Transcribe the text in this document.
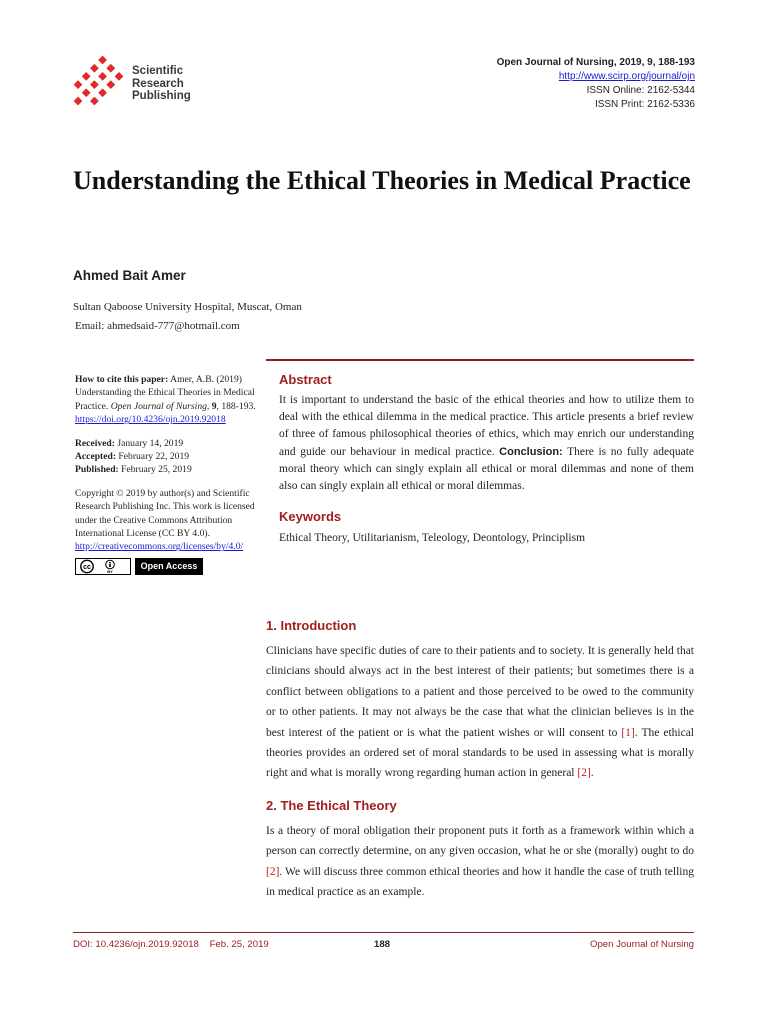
Scientific
Research
Publishing
Open Journal of Nursing, 2019, 9, 188-193
http://www.scirp.org/journal/ojn
ISSN Online: 2162-5344
ISSN Print: 2162-5336
Understanding the Ethical Theories in Medical Practice
Ahmed Bait Amer
Sultan Qaboose University Hospital, Muscat, Oman
Email: ahmedsaid-777@hotmail.com

How to cite this paper: Amer, A.B. (2019) Understanding the Ethical Theories in Medical Practice. Open Journal of Nursing, 9, 188-193.
https://doi.org/10.4236/ojn.2019.92018

Received: January 14, 2019

Accepted: February 22, 2019

Published: February 25, 2019

Copyright © 2019 by author(s) and Scientific Research Publishing Inc. This work is licensed under the Creative Commons Attribution International License (CC BY 4.0).

http://creativecommons.org/licenses/by/4.0/

cc
BY
Open Access
Abstract

It is important to understand the basic of the ethical theories and how to utilize them to deal with the ethical dilemma in the medical practice. This article presents a brief review of three of famous philosophical theories of ethics, which may enrich our understanding and guide our behaviour in medical practice. Conclusion: There is no fully adequate moral theory which can singly explain all ethical or moral dilemmas and none of them also can singly explain all ethical or moral dilemmas.

Keywords

Ethical Theory, Utilitarianism, Teleology, Deontology, Principlism

1. Introduction

Clinicians have specific duties of care to their patients and to society. It is generally held that clinicians should always act in the best interest of their patients; but sometimes there is a conflict between obligations to a patient and those perceived to be owed to the community or to other patients. It may not always be the case that what the clinician believes is in the best interest of the patient or is what the patient wishes or will consent to [1]. The ethical theories provides an ordered set of moral standards to be used in assessing what is morally right and what is morally wrong regarding human action in general [2].

2. The Ethical Theory

Is a theory of moral obligation their proponent puts it forth as a framework within which a person can correctly determine, on any given occasion, what he or she (morally) ought to do [2]. We will discuss three common ethical theories and how it handle the case of truth telling in medical practice as an example.

DOI: 10.4236/ojn.2019.92018 Feb. 25, 2019	188	Open Journal of Nursing
